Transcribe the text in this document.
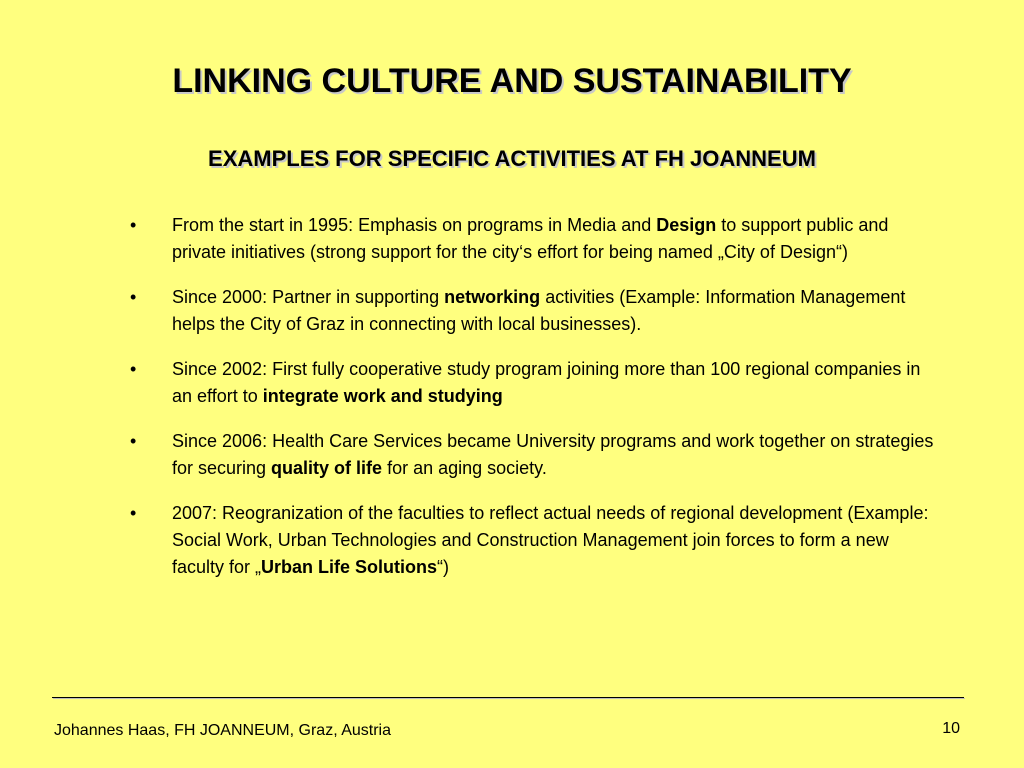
LINKING CULTURE AND SUSTAINABILITY
EXAMPLES FOR SPECIFIC ACTIVITIES AT FH JOANNEUM
•	From the start in 1995: Emphasis on programs in Media and Design to support public and private initiatives (strong support for the city‘s effort for being named „City of Design“)
•	Since 2000: Partner in supporting networking activities (Example: Information Management helps the City of Graz in connecting with local businesses).
•	Since 2002: First fully cooperative study program joining more than 100 regional companies in an effort to integrate work and studying
•	Since 2006: Health Care Services became University programs and work together on strategies for securing quality of life for an aging society.
•	2007: Reogranization of the faculties to reflect actual needs of regional development (Example: Social Work, Urban Technologies and Construction Management join forces to form a new faculty for „Urban Life Solutions“)
Johannes Haas, FH JOANNEUM, Graz, Austria	10
